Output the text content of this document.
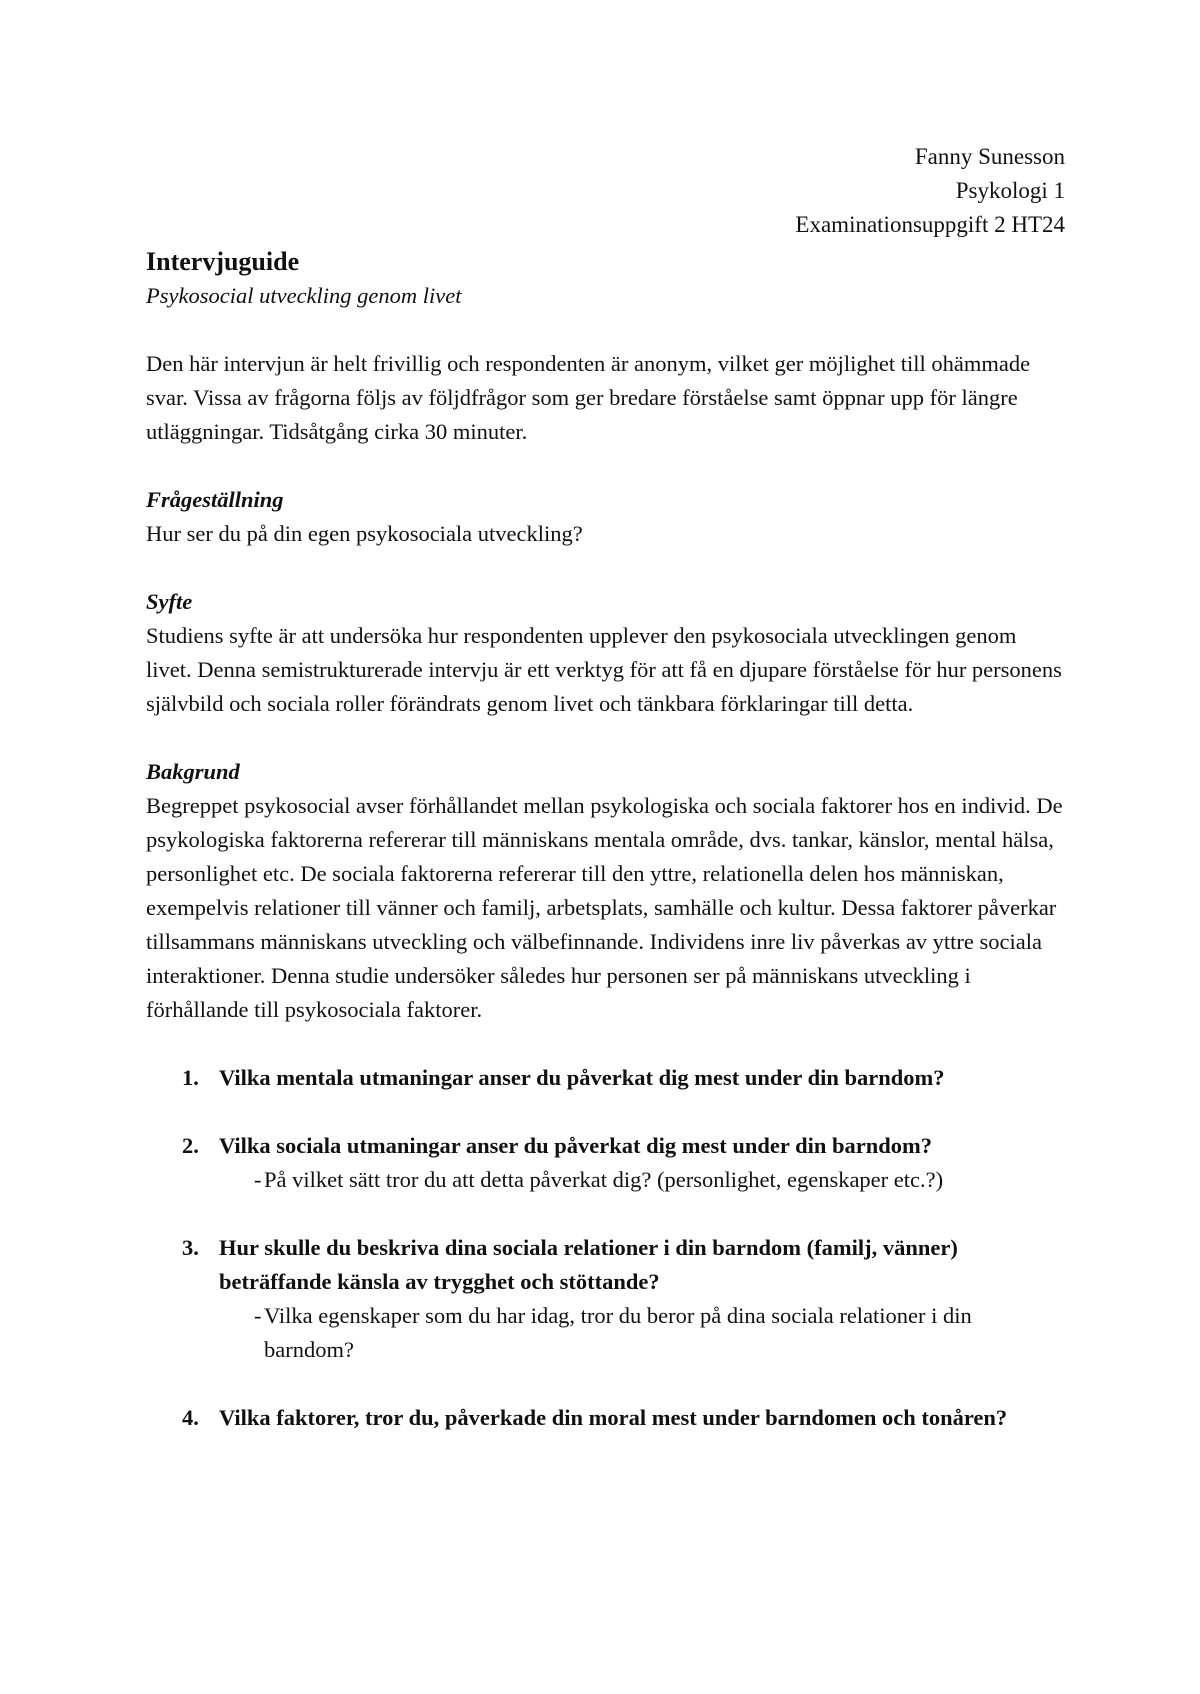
Fanny Sunesson
Psykologi 1
Examinationsuppgift 2 HT24
Intervjuguide

Psykosocial utveckling genom livet

Den här intervjun är helt frivillig och respondenten är anonym, vilket ger möjlighet till ohämmade svar. Vissa av frågorna följs av följdfrågor som ger bredare förståelse samt öppnar upp för längre utläggningar. Tidsåtgång cirka 30 minuter.

Frågeställning

Hur ser du på din egen psykosociala utveckling?

Syfte

Studiens syfte är att undersöka hur respondenten upplever den psykosociala utvecklingen genom livet. Denna semistrukturerade intervju är ett verktyg för att få en djupare förståelse för hur personens självbild och sociala roller förändrats genom livet och tänkbara förklaringar till detta.

Bakgrund

Begreppet psykosocial avser förhållandet mellan psykologiska och sociala faktorer hos en individ. De psykologiska faktorerna refererar till människans mentala område, dvs. tankar, känslor, mental hälsa, personlighet etc. De sociala faktorerna refererar till den yttre, relationella delen hos människan, exempelvis relationer till vänner och familj, arbetsplats, samhälle och kultur. Dessa faktorer påverkar tillsammans människans utveckling och välbefinnande. Individens inre liv påverkas av yttre sociala interaktioner. Denna studie undersöker således hur personen ser på människans utveckling i förhållande till psykosociala faktorer.

1. Vilka mentala utmaningar anser du påverkat dig mest under din barndom?
2. Vilka sociala utmaningar anser du påverkat dig mest under din barndom?
- På vilket sätt tror du att detta påverkat dig? (personlighet, egenskaper etc.?)
3. Hur skulle du beskriva dina sociala relationer i din barndom (familj, vänner) beträffande känsla av trygghet och stöttande?
- Vilka egenskaper som du har idag, tror du beror på dina sociala relationer i din barndom?
4. Vilka faktorer, tror du, påverkade din moral mest under barndomen och tonåren?
